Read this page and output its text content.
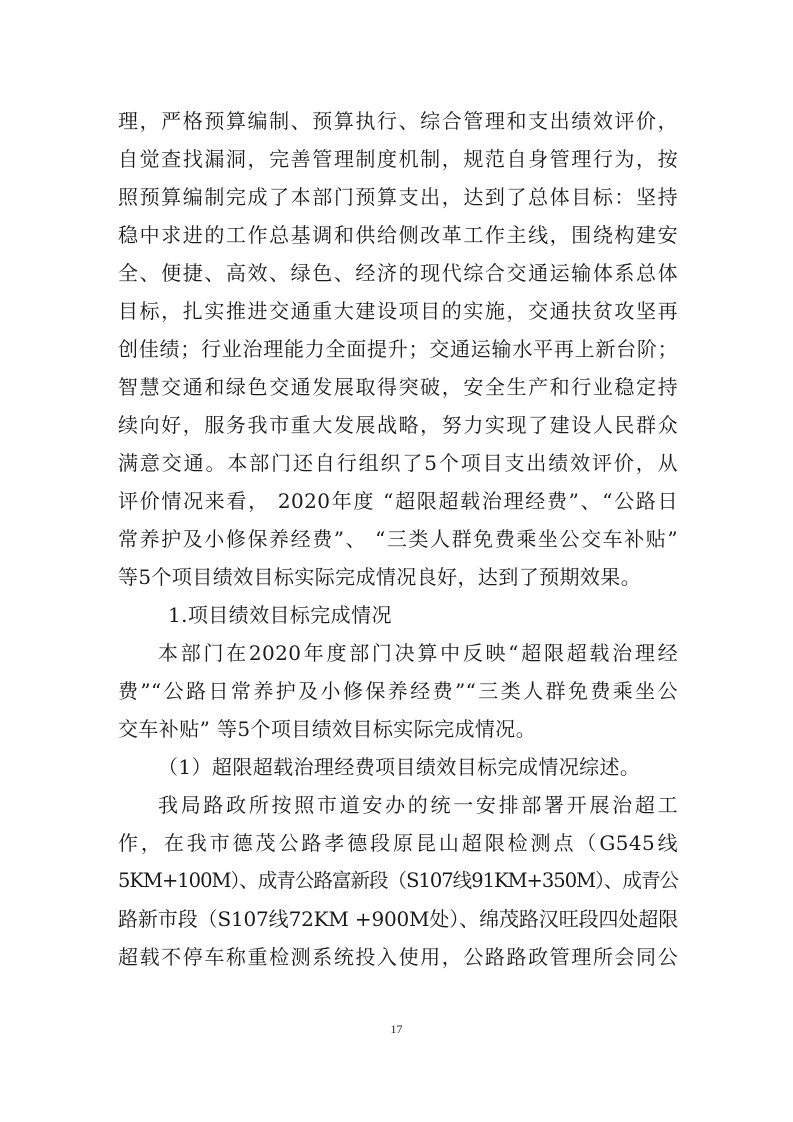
理，严格预算编制、预算执行、综合管理和支出绩效评价，
自觉查找漏洞，完善管理制度机制，规范自身管理行为，按
照预算编制完成了本部门预算支出，达到了总体目标：坚持
稳中求进的工作总基调和供给侧改革工作主线，围绕构建安
全、便捷、高效、绿色、经济的现代综合交通运输体系总体
目标，扎实推进交通重大建设项目的实施，交通扶贫攻坚再
创佳绩；行业治理能力全面提升；交通运输水平再上新台阶；
智慧交通和绿色交通发展取得突破，安全生产和行业稳定持
续向好，服务我市重大发展战略，努力实现了建设人民群众
满意交通。本部门还自行组织了5个项目支出绩效评价，从
评价情况来看， 2020年度 “超限超载治理经费”、“公路日
常养护及小修保养经费”、 “三类人群免费乘坐公交车补贴”
等5个项目绩效目标实际完成情况良好，达到了预期效果。
1.项目绩效目标完成情况
本部门在2020年度部门决算中反映“超限超载治理经
费”“公路日常养护及小修保养经费”“三类人群免费乘坐公
交车补贴” 等5个项目绩效目标实际完成情况。
（1）超限超载治理经费项目绩效目标完成情况综述。
我局路政所按照市道安办的统一安排部署开展治超工
作，在我市德茂公路孝德段原昆山超限检测点（G545线
5KM+100M）、成青公路富新段（S107线91KM+350M）、成青公
路新市段（S107线72KM +900M处）、绵茂路汉旺段四处超限
超载不停车称重检测系统投入使用，公路路政管理所会同公
17
